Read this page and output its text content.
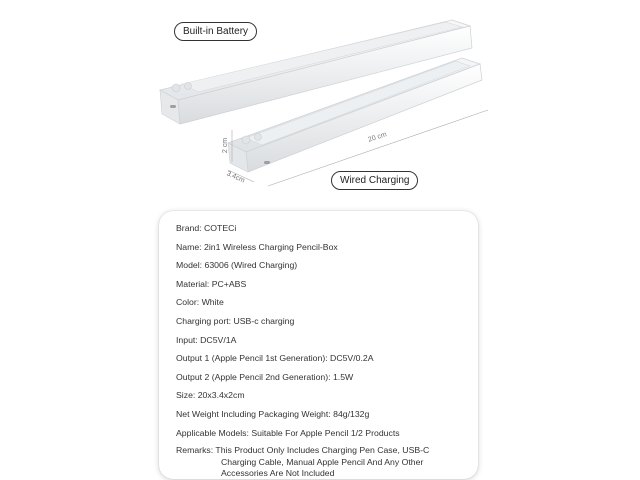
Built-in Battery
Wired Charging
20 cm
2 cm
3.4cm
Brand: COTECi
Name: 2in1 Wireless Charging Pencil-Box
Model: 63006 (Wired Charging)
Material: PC+ABS
Color: White
Charging port: USB-c charging
Input: DC5V/1A
Output 1 (Apple Pencil 1st Generation): DC5V/0.2A
Output 2 (Apple Pencil 2nd Generation): 1.5W
Size: 20x3.4x2cm
Net Weight Including Packaging Weight: 84g/132g
Applicable Models: Suitable For Apple Pencil 1/2 Products
Remarks: This Product Only Includes Charging Pen Case, USB-C
Charging Cable, Manual Apple Pencil And Any Other
Accessories Are Not Included
